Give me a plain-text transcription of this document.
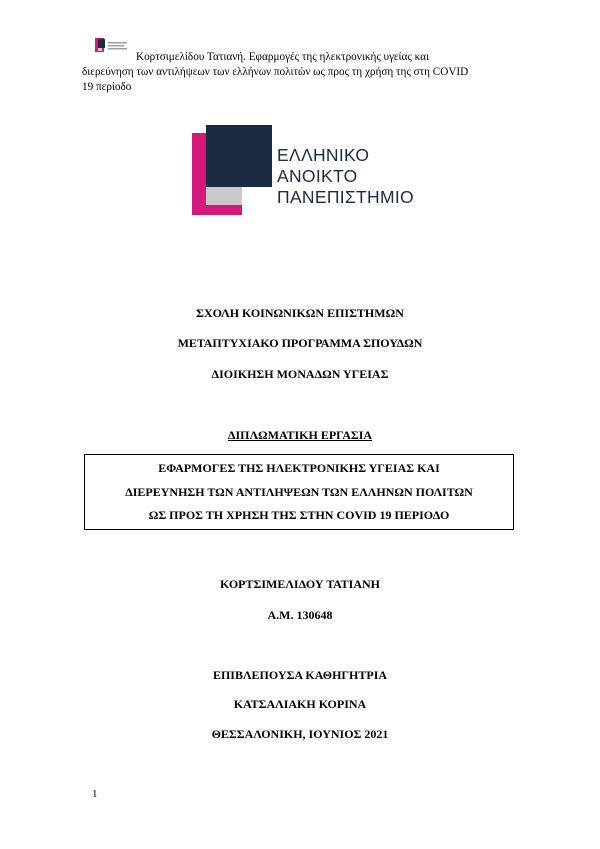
Κορτσιμελίδου Τατιανή. Εφαρμογές της ηλεκτρονικής υγείας και
διερεύνηση των αντιλήψεων των ελλήνων πολιτών ως προς τη χρήση της στη COVID
19 περίοδο
ΕΛΛΗΝΙΚΟ
ΑΝΟΙΚΤΟ
ΠΑΝΕΠΙΣΤΗΜΙΟ
ΣΧΟΛΗ ΚΟΙΝΩΝΙΚΩΝ ΕΠΙΣΤΗΜΩΝ
ΜΕΤΑΠΤΥΧΙΑΚΟ ΠΡΟΓΡΑΜΜΑ ΣΠΟΥΔΩΝ
ΔΙΟΙΚΗΣΗ ΜΟΝΑΔΩΝ ΥΓΕΙΑΣ
ΔΙΠΛΩΜΑΤΙΚΗ ΕΡΓΑΣΙΑ
ΕΦΑΡΜΟΓΕΣ ΤΗΣ ΗΛΕΚΤΡΟΝΙΚΗΣ ΥΓΕΙΑΣ ΚΑΙ
ΔΙΕΡΕΥΝΗΣΗ ΤΩΝ ΑΝΤΙΛΗΨΕΩΝ ΤΩΝ ΕΛΛΗΝΩΝ ΠΟΛΙΤΩΝ
ΩΣ ΠΡΟΣ ΤΗ ΧΡΗΣΗ ΤΗΣ ΣΤΗΝ COVID 19 ΠΕΡΙΟΔΟ
ΚΟΡΤΣΙΜΕΛΙΔΟΥ ΤΑΤΙΑΝΗ
Α.Μ. 130648
ΕΠΙΒΛΕΠΟΥΣΑ ΚΑΘΗΓΗΤΡΙΑ
ΚΑΤΣΑΛΙΑΚΗ ΚΟΡΙΝΑ
ΘΕΣΣΑΛΟΝΙΚΗ, ΙΟΥΝΙΟΣ 2021
1
